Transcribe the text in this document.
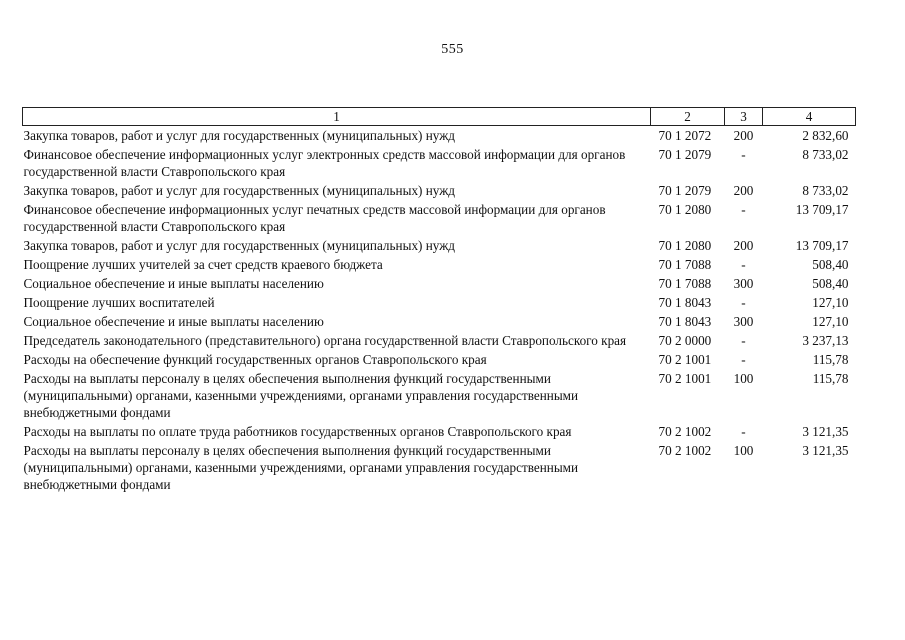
555
1	2	3	4
Закупка товаров, работ и услуг для государственных (муниципальных) нужд	70 1 2072	200	2 832,60
Финансовое обеспечение информационных услуг электронных средств массовой информации для органов государственной власти Ставропольского края	70 1 2079	-	8 733,02
Закупка товаров, работ и услуг для государственных (муниципальных) нужд	70 1 2079	200	8 733,02
Финансовое обеспечение информационных услуг печатных средств массовой информации для органов государственной власти Ставропольского края	70 1 2080	-	13 709,17
Закупка товаров, работ и услуг для государственных (муниципальных) нужд	70 1 2080	200	13 709,17
Поощрение лучших учителей за счет средств краевого бюджета	70 1 7088	-	508,40
Социальное обеспечение и иные выплаты населению	70 1 7088	300	508,40
Поощрение лучших воспитателей	70 1 8043	-	127,10
Социальное обеспечение и иные выплаты населению	70 1 8043	300	127,10
Председатель законодательного (представительного) органа государственной власти Ставропольского края	70 2 0000	-	3 237,13
Расходы на обеспечение функций государственных органов Ставропольского края	70 2 1001	-	115,78
Расходы на выплаты персоналу в целях обеспечения выполнения функций государственными (муниципальными) органами, казенными учреждениями, органами управления государственными внебюджетными фондами	70 2 1001	100	115,78
Расходы на выплаты по оплате труда работников государственных органов Ставропольского края	70 2 1002	-	3 121,35
Расходы на выплаты персоналу в целях обеспечения выполнения функций государственными (муниципальными) органами, казенными учреждениями, органами управления государственными внебюджетными фондами	70 2 1002	100	3 121,35
